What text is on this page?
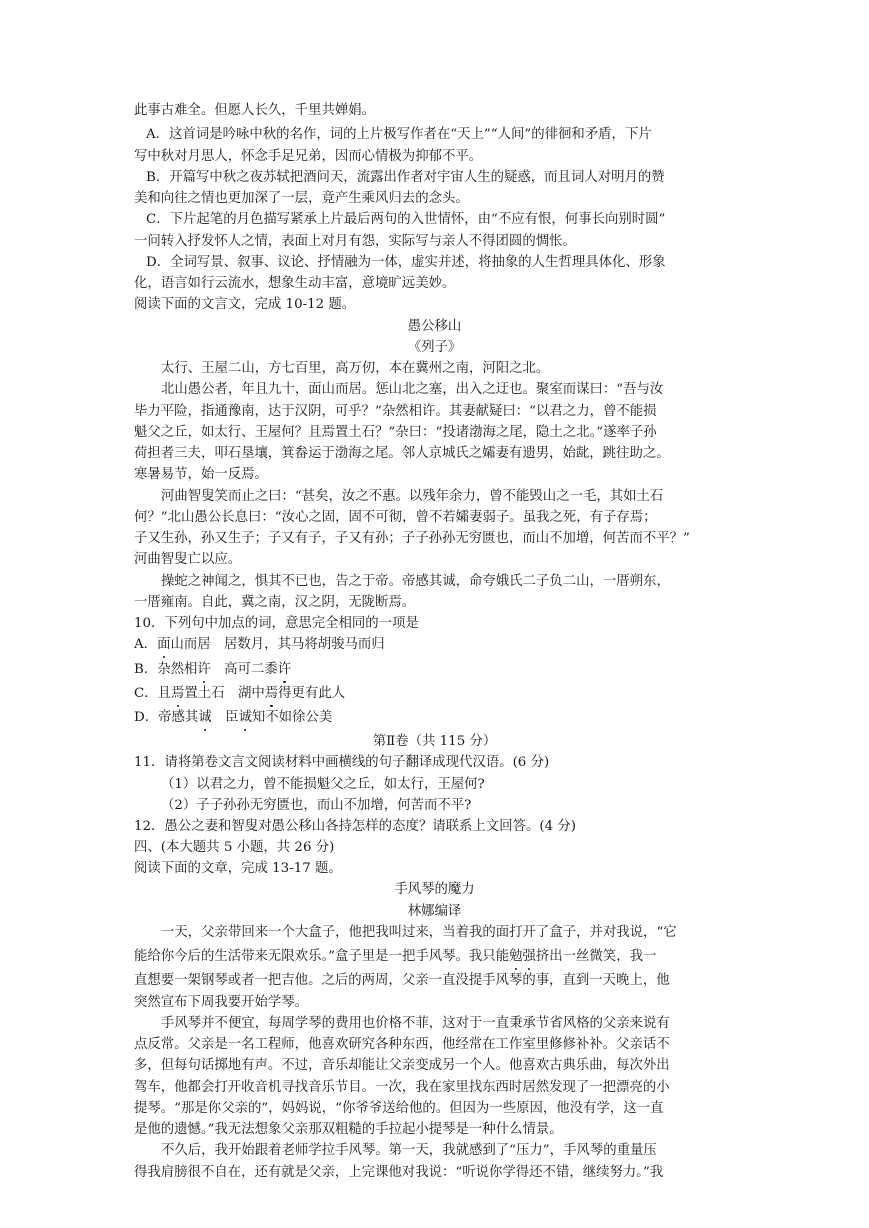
此事古难全。但愿人长久，千里共婵娟。
A．这首词是吟咏中秋的名作，词的上片极写作者在“天上”“人间”的徘徊和矛盾，下片
写中秋对月思人，怀念手足兄弟，因而心情极为抑郁不平。
B．开篇写中秋之夜苏轼把酒问天，流露出作者对宇宙人生的疑惑，而且词人对明月的赞
美和向往之情也更加深了一层，竟产生乘风归去的念头。
C．下片起笔的月色描写紧承上片最后两句的入世情怀，由“不应有恨，何事长向别时圆”
一问转入抒发怀人之情，表面上对月有怨，实际写与亲人不得团圆的惆怅。
D．全词写景、叙事、议论、抒情融为一体，虚实并述，将抽象的人生哲理具体化、形象
化，语言如行云流水，想象生动丰富，意境旷远美妙。
阅读下面的文言文，完成 10-12 题。
愚公移山
《列子》
太行、王屋二山，方七百里，高万仞，本在冀州之南，河阳之北。
北山愚公者，年且九十，面山而居。惩山北之塞，出入之迂也。聚室而谋曰：“吾与汝
毕力平险，指通豫南，达于汉阴，可乎？”杂然相许。其妻献疑曰：“以君之力，曾不能损
魁父之丘，如太行、王屋何？且焉置土石？”杂曰：“投诸渤海之尾，隐土之北。”遂率子孙
荷担者三夫，叩石垦壤，箕畚运于渤海之尾。邻人京城氏之孀妻有遗男，始龀，跳往助之。
寒暑易节，始一反焉。
河曲智叟笑而止之曰：“甚矣，汝之不惠。以残年余力，曾不能毁山之一毛，其如土石
何？”北山愚公长息曰：“汝心之固，固不可彻，曾不若孀妻弱子。虽我之死，有子存焉；
子又生孙，孙又生子；子又有子，子又有孙；子子孙孙无穷匮也，而山不加增，何苦而不平？”
河曲智叟亡以应。
操蛇之神闻之，惧其不已也，告之于帝。帝感其诚，命夸娥氏二子负二山，一厝朔东，
一厝雍南。自此，冀之南，汉之阴，无陇断焉。
10．下列句中加点的词，意思完全相同的一项是
A．面山而居　居数月，其马将胡骏马而归
B．杂然相许　高可二黍许
C．且焉置土石　湖中焉得更有此人
D．帝感其诚　臣诚知不如徐公美
第Ⅱ卷（共 115 分）
11．请将第卷文言文阅读材料中画横线的句子翻译成现代汉语。(6 分)
（1）以君之力，曾不能损魁父之丘，如太行，王屋何?
（2）子子孙孙无穷匮也，而山不加增，何苦而不平?
12．愚公之妻和智叟对愚公移山各持怎样的态度？请联系上文回答。(4 分)
四、(本大题共 5 小题，共 26 分)
阅读下面的文章，完成 13-17 题。
手风琴的魔力
林娜编译
一天，父亲带回来一个大盒子，他把我叫过来，当着我的面打开了盒子，并对我说，“它
能给你今后的生活带来无限欢乐。”盒子里是一把手风琴。我只能勉强挤出一丝微笑，我一
直想要一架钢琴或者一把吉他。之后的两周，父亲一直没提手风琴的事，直到一天晚上，他
突然宣布下周我要开始学琴。
手风琴并不便宜，每周学琴的费用也价格不菲，这对于一直秉承节省风格的父亲来说有
点反常。父亲是一名工程师，他喜欢研究各种东西，他经常在工作室里修修补补。父亲话不
多，但每句话掷地有声。不过，音乐却能让父亲变成另一个人。他喜欢古典乐曲，每次外出
驾车，他都会打开收音机寻找音乐节目。一次，我在家里找东西时居然发现了一把漂亮的小
提琴。“那是你父亲的”，妈妈说，“你爷爷送给他的。但因为一些原因，他没有学，这一直
是他的遗憾。”我无法想象父亲那双粗糙的手拉起小提琴是一种什么情景。
不久后，我开始跟着老师学拉手风琴。第一天，我就感到了“压力”，手风琴的重量压
得我肩膀很不自在，还有就是父亲，上完课他对我说：“听说你学得还不错，继续努力。”我
